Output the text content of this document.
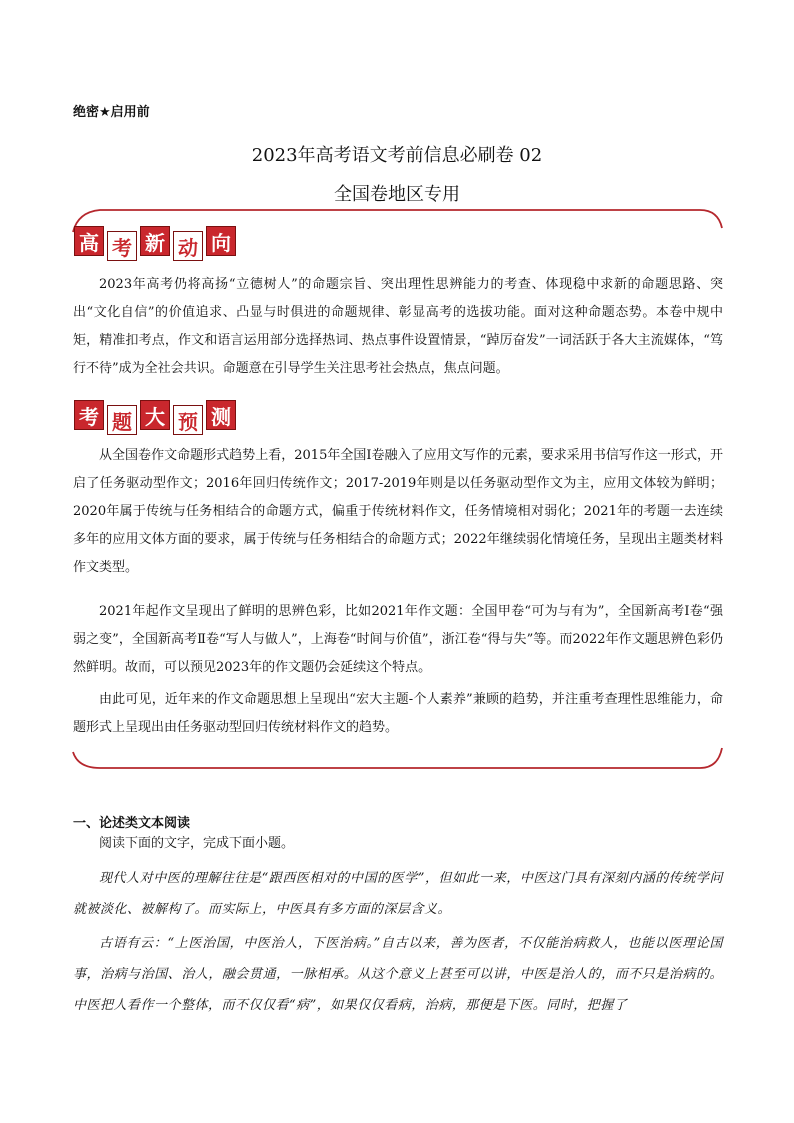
绝密★启用前
2023年高考语文考前信息必刷卷 02
全国卷地区专用
高 考 新 动 向
2023年高考仍将高扬“立德树人”的命题宗旨、突出理性思辨能力的考查、体现稳中求新的命题思路、突出“文化自信”的价值追求、凸显与时俱进的命题规律、彰显高考的选拔功能。面对这种命题态势。本卷中规中矩，精准扣考点，作文和语言运用部分选择热词、热点事件设置情景，“踔厉奋发”一词活跃于各大主流媒体，“笃行不待”成为全社会共识。命题意在引导学生关注思考社会热点，焦点问题。
考 题 大 预 测
从全国卷作文命题形式趋势上看，2015年全国Ⅰ卷融入了应用文写作的元素，要求采用书信写作这一形式，开启了任务驱动型作文；2016年回归传统作文；2017-2019年则是以任务驱动型作文为主，应用文体较为鲜明；2020年属于传统与任务相结合的命题方式，偏重于传统材料作文，任务情境相对弱化；2021年的考题一去连续多年的应用文体方面的要求，属于传统与任务相结合的命题方式；2022年继续弱化情境任务，呈现出主题类材料作文类型。
2021年起作文呈现出了鲜明的思辨色彩，比如2021年作文题：全国甲卷“可为与有为”，全国新高考Ⅰ卷“强弱之变”，全国新高考Ⅱ卷“写人与做人”，上海卷“时间与价值”，浙江卷“得与失”等。而2022年作文题思辨色彩仍然鲜明。故而，可以预见2023年的作文题仍会延续这个特点。
由此可见，近年来的作文命题思想上呈现出“宏大主题-个人素养”兼顾的趋势，并注重考查理性思维能力，命题形式上呈现出由任务驱动型回归传统材料作文的趋势。
一、论述类文本阅读
阅读下面的文字，完成下面小题。
现代人对中医的理解往往是“跟西医相对的中国的医学”，但如此一来，中医这门具有深刻内涵的传统学问就被淡化、被解构了。而实际上，中医具有多方面的深层含义。
古语有云：“上医治国，中医治人，下医治病。”自古以来，善为医者，不仅能治病救人，也能以医理论国事，治病与治国、治人，融会贯通，一脉相承。从这个意义上甚至可以讲，中医是治人的，而不只是治病的。中医把人看作一个整体，而不仅仅看“病”，如果仅仅看病，治病，那便是下医。同时，把握了
